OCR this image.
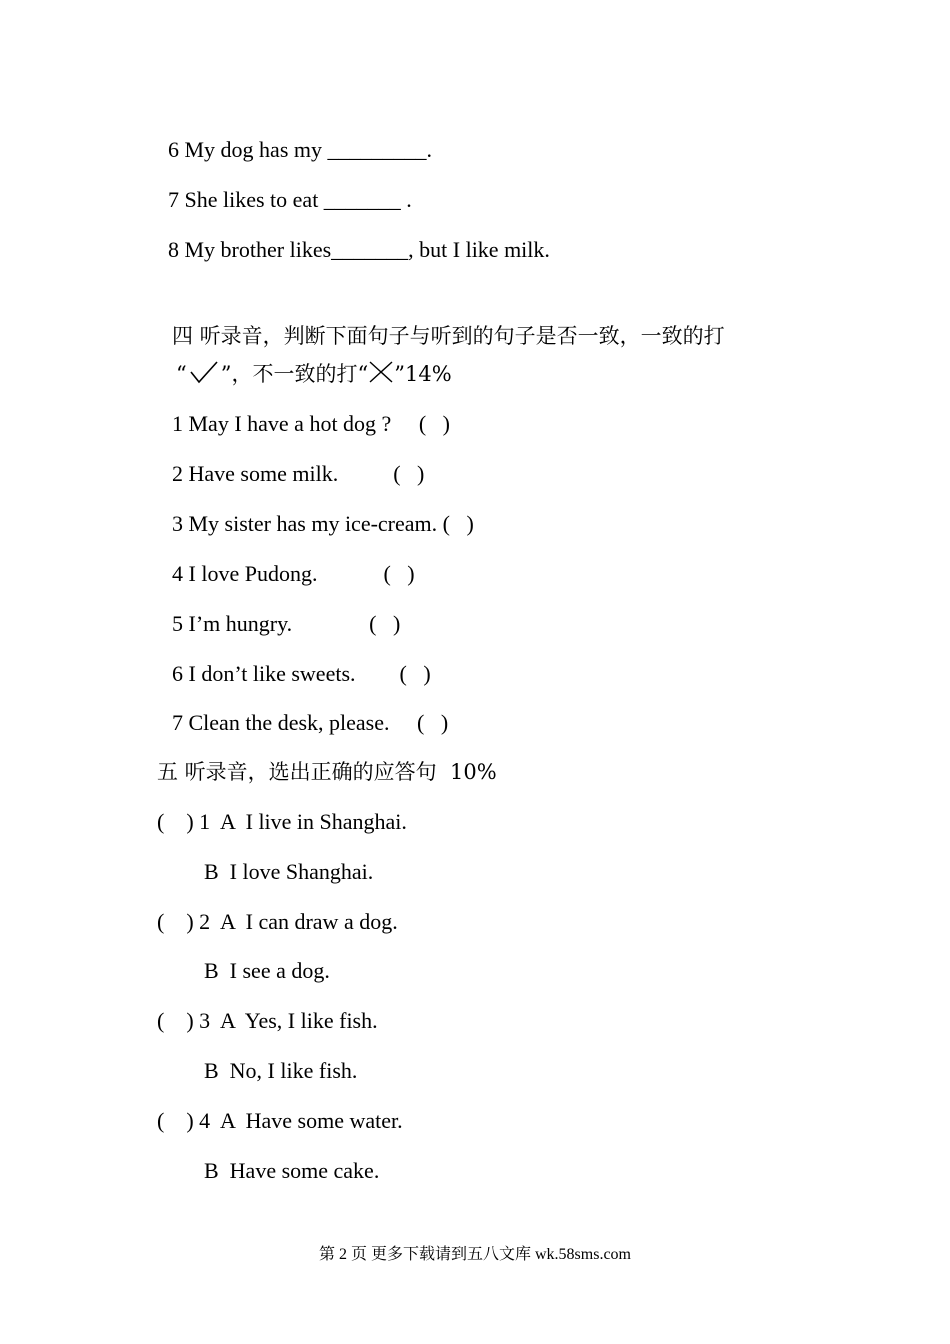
6 My dog has my _________.
7 She likes to eat _______ .
8 My brother likes_______, but I like milk.
四 听录音，判断下面句子与听到的句子是否一致，一致的打
“ ”，不一致的打“ ”14%
1 May I have a hot dog ?     (   )
2 Have some milk.          (   )
3 My sister has my ice-cream. (   )
4 I love Pudong.            (   )
5 I’m hungry.              (   )
6 I don’t like sweets.        (   )
7 Clean the desk, please.     (   )
五 听录音，选出正确的应答句  10%
(    ) 1  A  I live in Shanghai.
B  I love Shanghai.
(    ) 2  A  I can draw a dog.
B  I see a dog.
(    ) 3  A  Yes, I like fish.
B  No, I like fish.
(    ) 4  A  Have some water.
B  Have some cake.
第 2 页 更多下载请到五八文库 wk.58sms.com
